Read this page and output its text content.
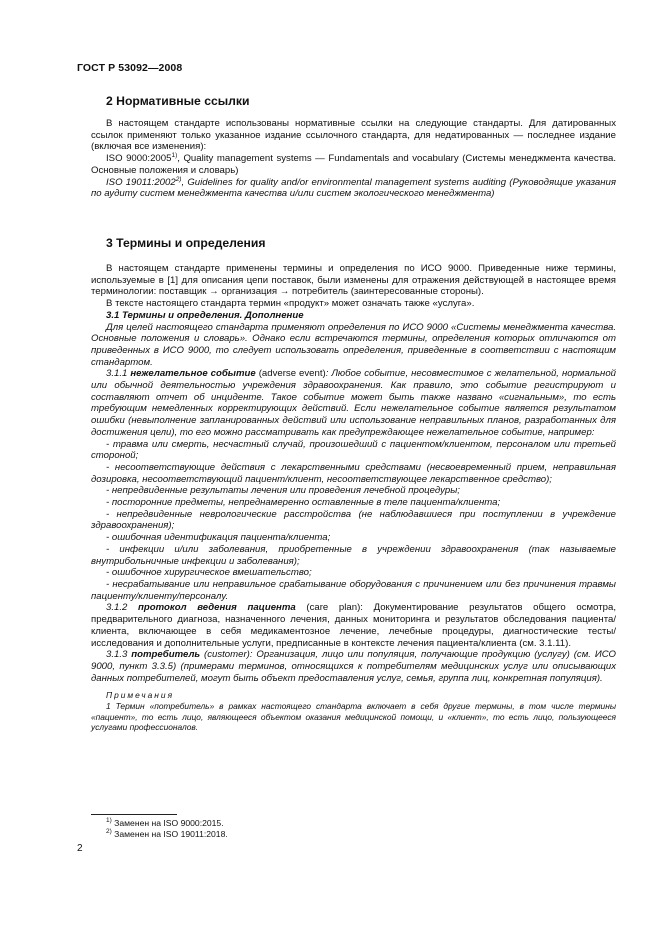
ГОСТ Р 53092—2008
2 Нормативные ссылки

В настоящем стандарте использованы нормативные ссылки на следующие стандарты. Для датированных ссылок применяют только указанное издание ссылочного стандарта, для недатированных — последнее издание (включая все изменения):

ISO 9000:2005$^{1)}$, Quality management systems — Fundamentals and vocabulary (Системы менеджмента качества. Основные положения и словарь)

ISO 19011:2002$^{2)}$, Guidelines for quality and/or environmental management systems auditing (Руководящие указания по аудиту систем менеджмента качества и/или систем экологического менеджмента)

3 Термины и определения

В настоящем стандарте применены термины и определения по ИСО 9000. Приведенные ниже термины, используемые в [1] для описания цепи поставок, были изменены для отражения действующей в настоящее время терминологии: поставщик → организация → потребитель (заинтересованные стороны).

В тексте настоящего стандарта термин «продукт» может означать также «услуга».

3.1 Термины и определения. Дополнение

Для целей настоящего стандарта применяют определения по ИСО 9000 «Системы менеджмента качества. Основные положения и словарь». Однако если встречаются термины, определения которых отличаются от приведенных в ИСО 9000, то следует использовать определения, приведенные в соответствии с настоящим стандартом.

3.1.1 нежелательное событие (adverse event): Любое событие, несовместимое с желательной, нормальной или обычной деятельностью учреждения здравоохранения. Как правило, это событие регистрируют и составляют отчет об инциденте. Такое событие может быть также названо «сигнальным», то есть требующим немедленных корректирующих действий. Если нежелательное событие является результатом ошибки (невыполнение запланированных действий или использование неправильных планов, разработанных для достижения цели), то его можно рассматривать как предупреждающее нежелательное событие, например:

- травма или смерть, несчастный случай, произошедший с пациентом/клиентом, персоналом или третьей стороной;

- несоответствующие действия с лекарственными средствами (несвоевременный прием, неправильная дозировка, несоответствующий пациент/клиент, несоответствующее лекарственное средство);

- непредвиденные результаты лечения или проведения лечебной процедуры;

- посторонние предметы, непреднамеренно оставленные в теле пациента/клиента;

- непредвиденные неврологические расстройства (не наблюдавшиеся при поступлении в учреждение здравоохранения);

- ошибочная идентификация пациента/клиента;

- инфекции и/или заболевания, приобретенные в учреждении здравоохранения (так называемые внутрибольничные инфекции и заболевания);

- ошибочное хирургическое вмешательство;

- несрабатывание или неправильное срабатывание оборудования с причинением или без причинения травмы пациенту/клиенту/персоналу.

3.1.2 протокол ведения пациента (care plan): Документирование результатов общего осмотра, предварительного диагноза, назначенного лечения, данных мониторинга и результатов обследования пациента/клиента, включающее в себя медикаментозное лечение, лечебные процедуры, диагностические тесты/исследования и дополнительные услуги, предписанные в контексте лечения пациента/клиента (см. 3.1.11).

3.1.3 потребитель (customer): Организация, лицо или популяция, получающие продукцию (услугу) (см. ИСО 9000, пункт 3.3.5) (примерами терминов, относящихся к потребителям медицинских услуг или описывающих данных потребителей, могут быть объект предоставления услуг, семья, группа лиц, конкретная популяция).

Примечания

1 Термин «потребитель» в рамках настоящего стандарта включает в себя другие термины, в том числе термины «пациент», то есть лицо, являющееся объектом оказания медицинской помощи, и «клиент», то есть лицо, пользующееся услугами профессионалов.

$^{1)}$ Заменен на ISO 9000:2015.
$^{2)}$ Заменен на ISO 19011:2018.
2
